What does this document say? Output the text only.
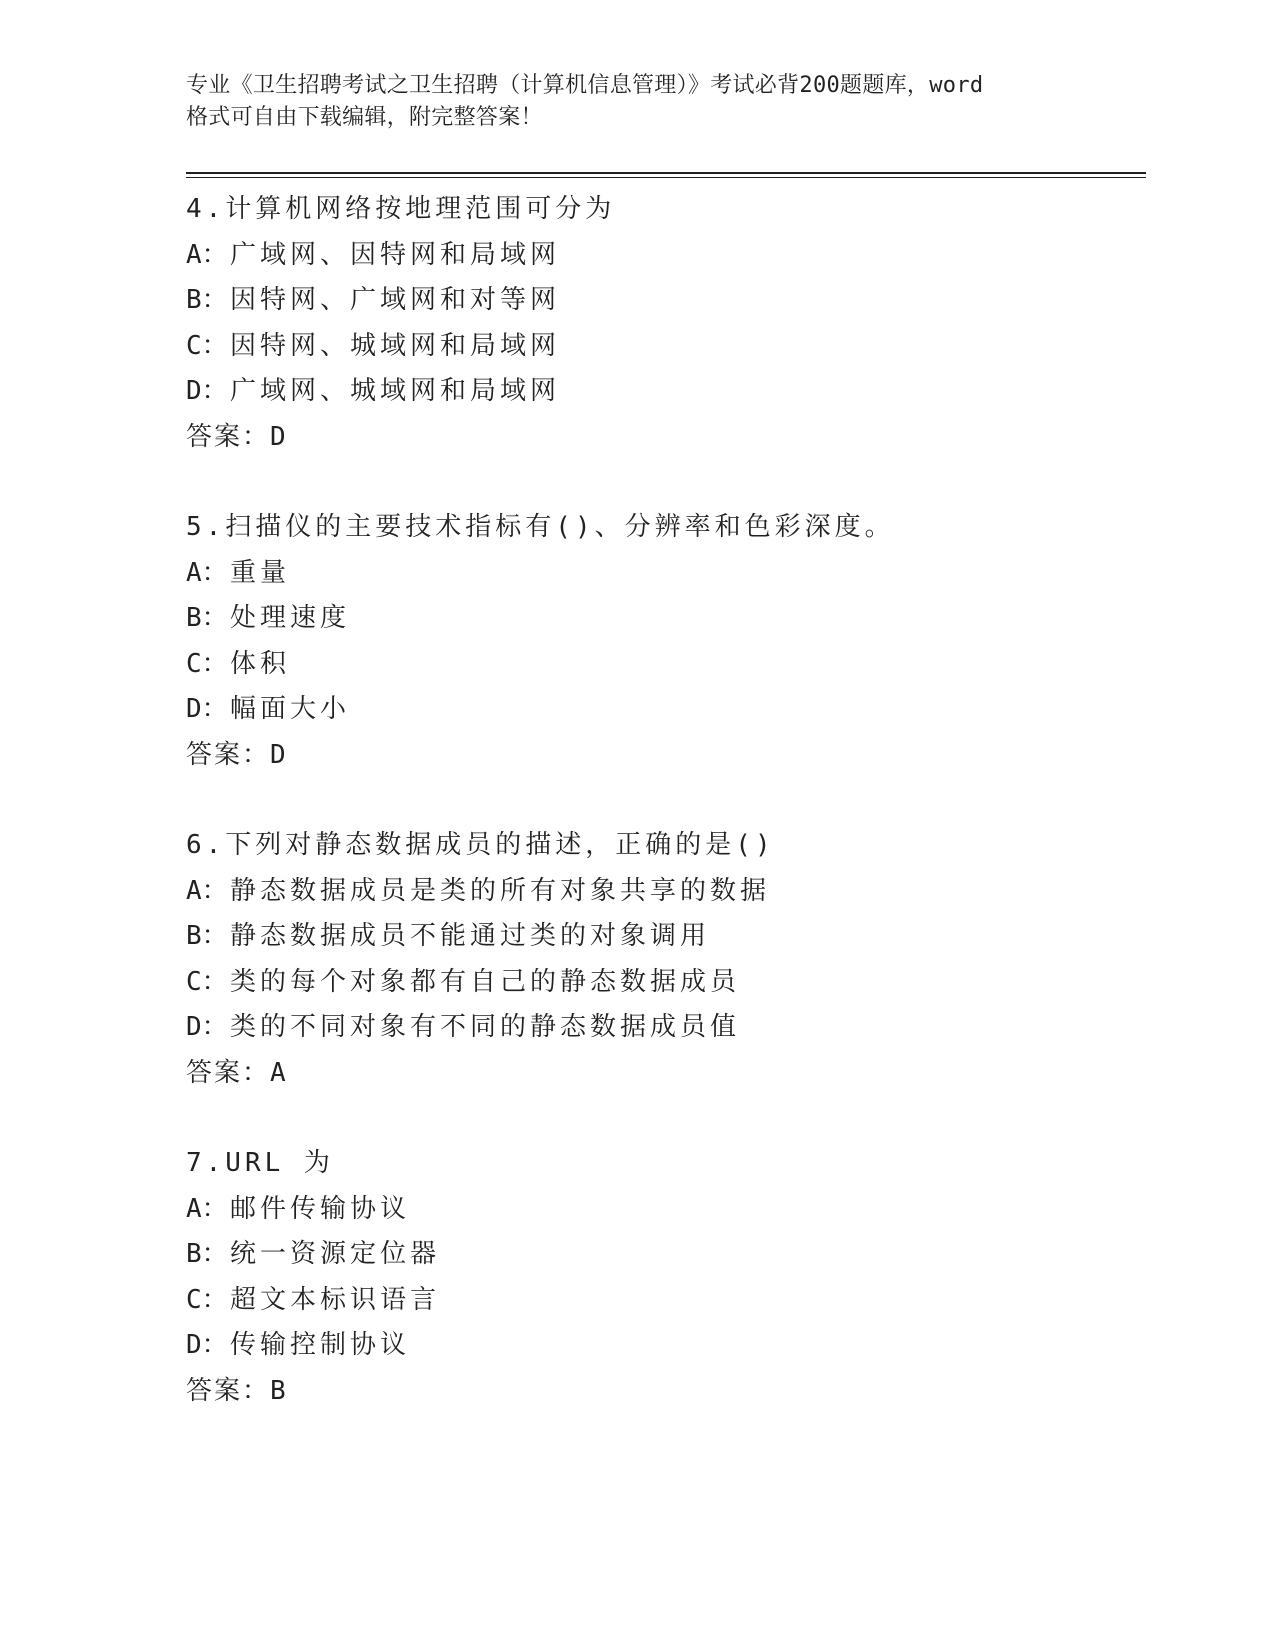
专业《卫生招聘考试之卫生招聘（计算机信息管理）》考试必背200题题库，word
格式可自由下载编辑，附完整答案！
4.计算机网络按地理范围可分为
A：广域网、因特网和局域网
B：因特网、广域网和对等网
C：因特网、城域网和局域网
D：广域网、城域网和局域网
答案：D
5.扫描仪的主要技术指标有()、分辨率和色彩深度。
A：重量
B：处理速度
C：体积
D：幅面大小
答案：D
6.下列对静态数据成员的描述，正确的是()
A：静态数据成员是类的所有对象共享的数据
B：静态数据成员不能通过类的对象调用
C：类的每个对象都有自己的静态数据成员
D：类的不同对象有不同的静态数据成员值
答案：A
7.URL 为
A：邮件传输协议
B：统一资源定位器
C：超文本标识语言
D：传输控制协议
答案：B
